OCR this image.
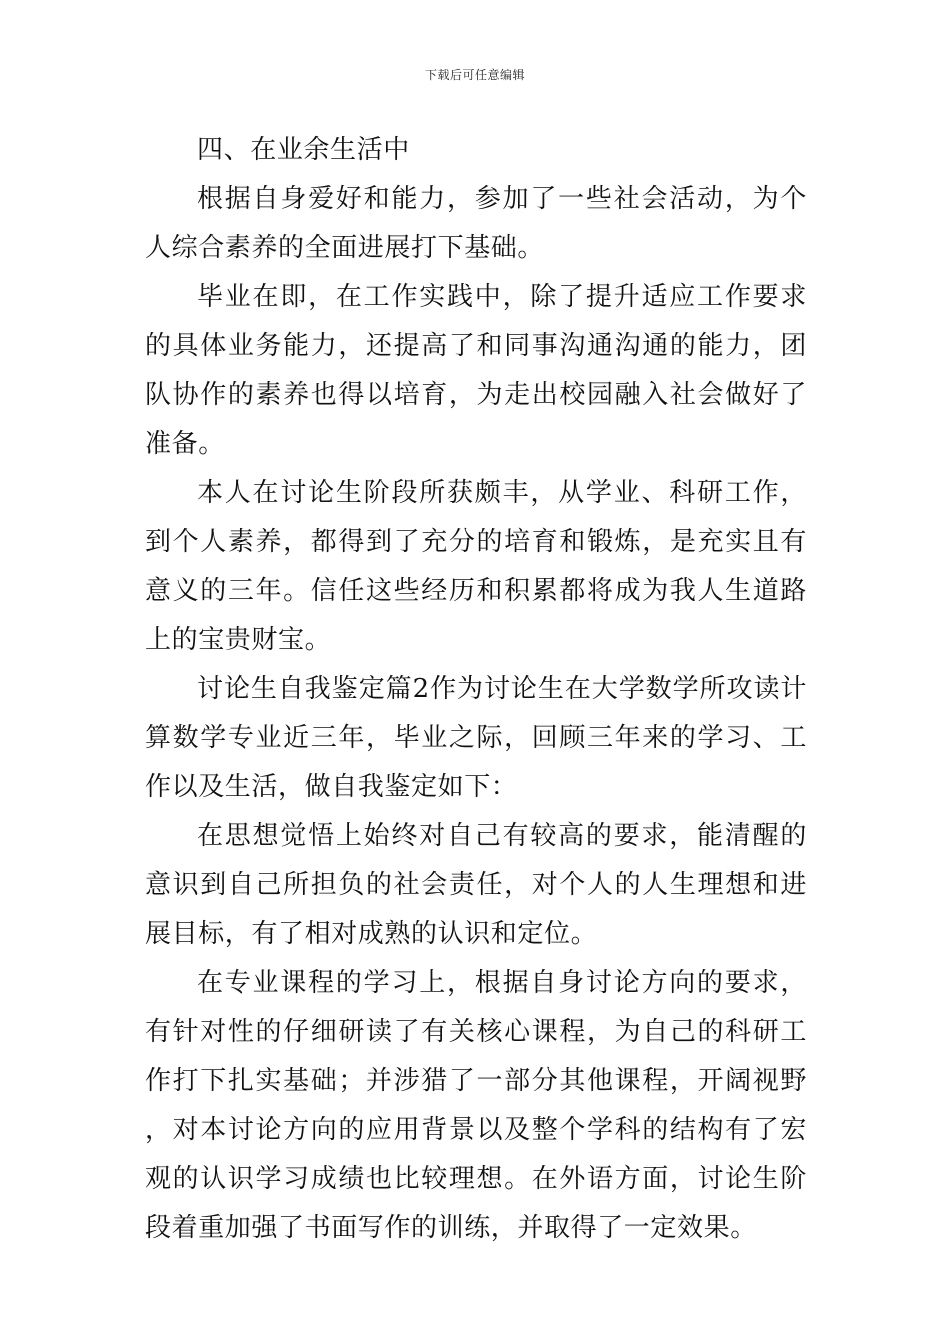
下载后可任意编辑

四、在业余生活中

根据自身爱好和能力，参加了一些社会活动，为个人综合素养的全面进展打下基础。

毕业在即，在工作实践中，除了提升适应工作要求的具体业务能力，还提高了和同事沟通沟通的能力，团队协作的素养也得以培育，为走出校园融入社会做好了准备。

本人在讨论生阶段所获颇丰，从学业、科研工作，到个人素养，都得到了充分的培育和锻炼，是充实且有意义的三年。信任这些经历和积累都将成为我人生道路上的宝贵财宝。

讨论生自我鉴定篇2作为讨论生在大学数学所攻读计算数学专业近三年，毕业之际，回顾三年来的学习、工作以及生活，做自我鉴定如下：

在思想觉悟上始终对自己有较高的要求，能清醒的意识到自己所担负的社会责任，对个人的人生理想和进展目标，有了相对成熟的认识和定位。

在专业课程的学习上，根据自身讨论方向的要求，有针对性的仔细研读了有关核心课程，为自己的科研工作打下扎实基础；并涉猎了一部分其他课程，开阔视野，对本讨论方向的应用背景以及整个学科的结构有了宏观的认识学习成绩也比较理想。在外语方面，讨论生阶段着重加强了书面写作的训练，并取得了一定效果。
